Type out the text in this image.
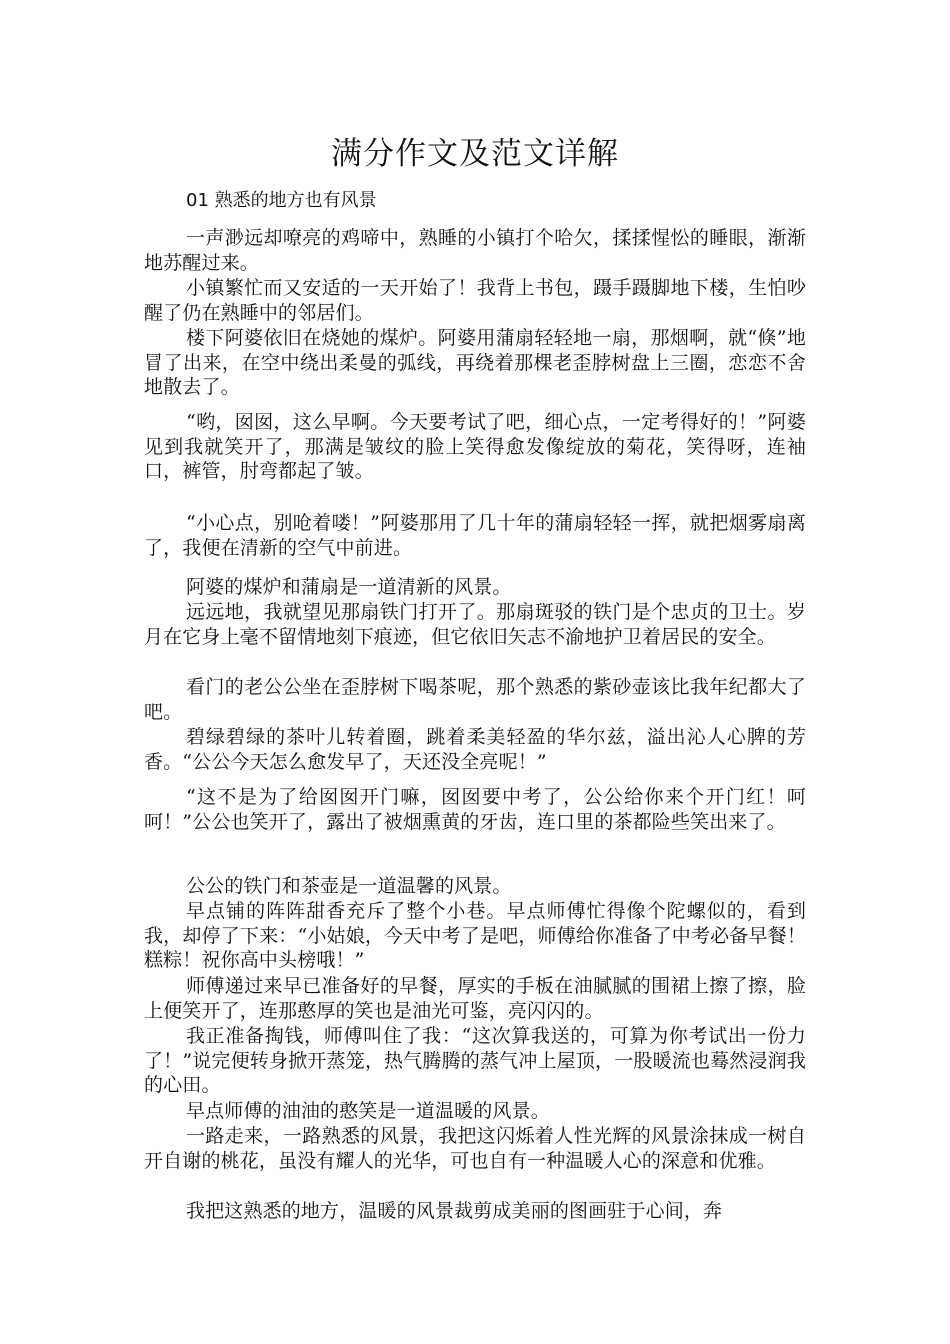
满分作文及范文详解
01 熟悉的地方也有风景

一声渺远却嘹亮的鸡啼中，熟睡的小镇打个哈欠，揉揉惺忪的睡眼，渐渐地苏醒过来。

小镇繁忙而又安适的一天开始了！我背上书包，蹑手蹑脚地下楼，生怕吵醒了仍在熟睡中的邻居们。

楼下阿婆依旧在烧她的煤炉。阿婆用蒲扇轻轻地一扇，那烟啊，就“倏”地冒了出来，在空中绕出柔曼的弧线，再绕着那棵老歪脖树盘上三圈，恋恋不舍地散去了。

“哟，囡囡，这么早啊。今天要考试了吧，细心点，一定考得好的！”阿婆见到我就笑开了，那满是皱纹的脸上笑得愈发像绽放的菊花，笑得呀，连袖口，裤管，肘弯都起了皱。

“小心点，别呛着喽！”阿婆那用了几十年的蒲扇轻轻一挥，就把烟雾扇离了，我便在清新的空气中前进。

阿婆的煤炉和蒲扇是一道清新的风景。

远远地，我就望见那扇铁门打开了。那扇斑驳的铁门是个忠贞的卫士。岁月在它身上毫不留情地刻下痕迹，但它依旧矢志不渝地护卫着居民的安全。

看门的老公公坐在歪脖树下喝茶呢，那个熟悉的紫砂壶该比我年纪都大了吧。

碧绿碧绿的茶叶儿转着圈，跳着柔美轻盈的华尔兹，溢出沁人心脾的芳香。“公公今天怎么愈发早了，天还没全亮呢！”

“这不是为了给囡囡开门嘛，囡囡要中考了，公公给你来个开门红！呵呵！”公公也笑开了，露出了被烟熏黄的牙齿，连口里的茶都险些笑出来了。

公公的铁门和茶壶是一道温馨的风景。

早点铺的阵阵甜香充斥了整个小巷。早点师傅忙得像个陀螺似的，看到我，却停了下来：“小姑娘，今天中考了是吧，师傅给你准备了中考必备早餐！糕粽！祝你高中头榜哦！”

师傅递过来早已准备好的早餐，厚实的手板在油腻腻的围裙上擦了擦，脸上便笑开了，连那憨厚的笑也是油光可鉴，亮闪闪的。

我正准备掏钱，师傅叫住了我：“这次算我送的，可算为你考试出一份力了！”说完便转身掀开蒸笼，热气腾腾的蒸气冲上屋顶，一股暖流也蓦然浸润我的心田。

早点师傅的油油的憨笑是一道温暖的风景。

一路走来，一路熟悉的风景，我把这闪烁着人性光辉的风景涂抹成一树自开自谢的桃花，虽没有耀人的光华，可也自有一种温暖人心的深意和优雅。

我把这熟悉的地方，温暖的风景裁剪成美丽的图画驻于心间，奔
